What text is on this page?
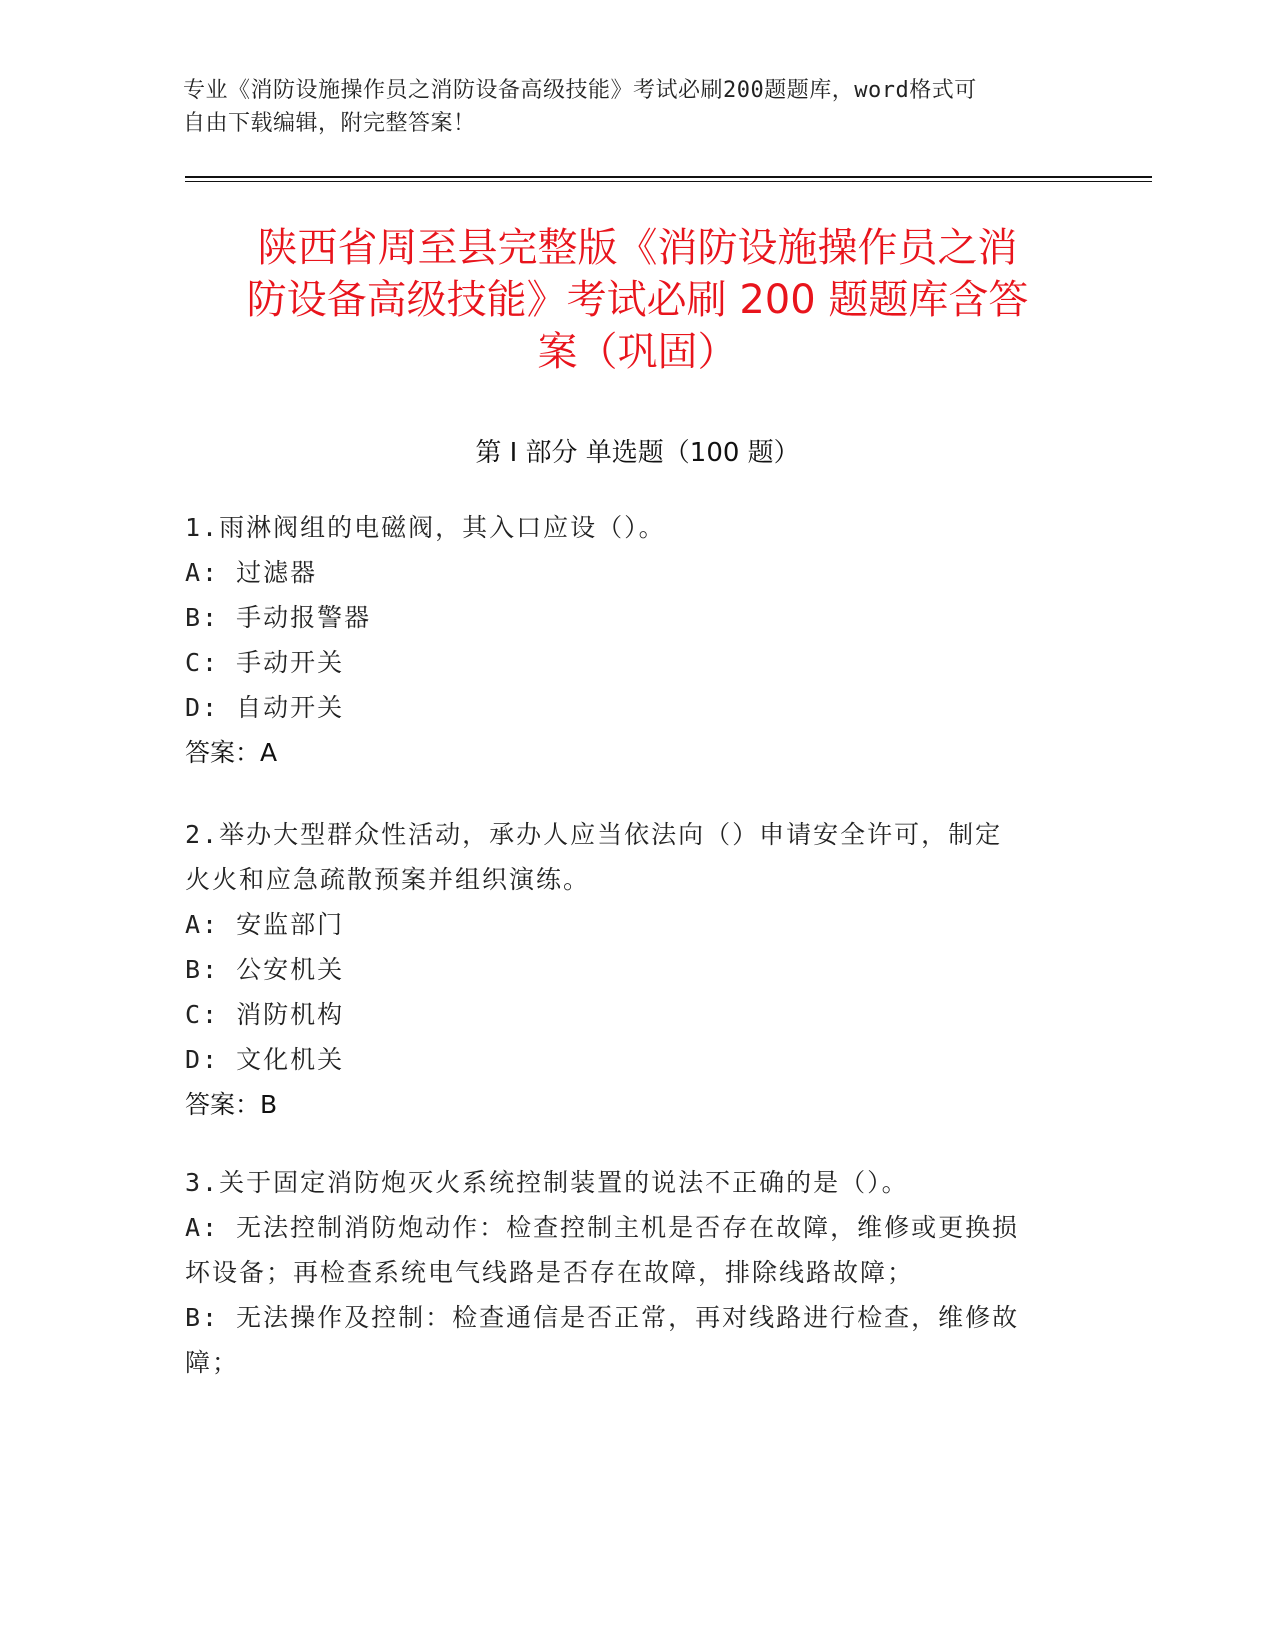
专业《消防设施操作员之消防设备高级技能》考试必刷200题题库，word格式可
自由下载编辑，附完整答案！
陕西省周至县完整版《消防设施操作员之消
防设备高级技能》考试必刷 200 题题库含答
案（巩固）
第 I 部分 单选题（100 题）
1.雨淋阀组的电磁阀，其入口应设（）。
A: 过滤器
B: 手动报警器
C: 手动开关
D: 自动开关
答案：A
2.举办大型群众性活动，承办人应当依法向（）申请安全许可，制定
火火和应急疏散预案并组织演练。
A: 安监部门
B: 公安机关
C: 消防机构
D: 文化机关
答案：B
3.关于固定消防炮灭火系统控制装置的说法不正确的是（）。
A: 无法控制消防炮动作：检查控制主机是否存在故障，维修或更换损
坏设备；再检查系统电气线路是否存在故障，排除线路故障；
B: 无法操作及控制：检查通信是否正常，再对线路进行检查，维修故
障；
